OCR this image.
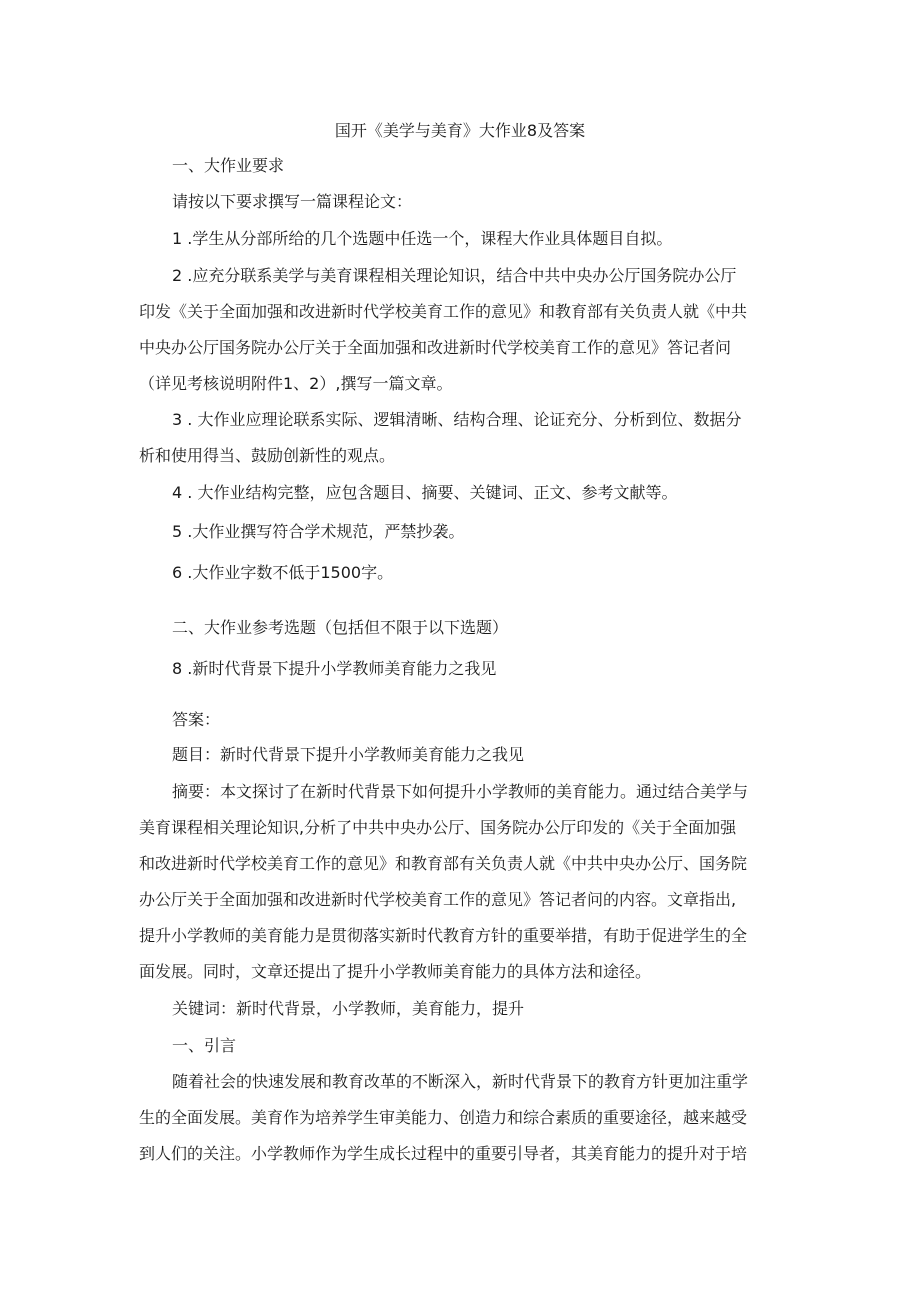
国开《美学与美育》大作业8及答案

一、大作业要求

请按以下要求撰写一篇课程论文：

1 .学生从分部所给的几个选题中任选一个，课程大作业具体题目自拟。

2 .应充分联系美学与美育课程相关理论知识，结合中共中央办公厅国务院办公厅

印发《关于全面加强和改进新时代学校美育工作的意见》和教育部有关负责人就《中共

中央办公厅国务院办公厅关于全面加强和改进新时代学校美育工作的意见》答记者问

（详见考核说明附件1、2）,撰写一篇文章。

3 . 大作业应理论联系实际、逻辑清晰、结构合理、论证充分、分析到位、数据分

析和使用得当、鼓励创新性的观点。

4 . 大作业结构完整，应包含题目、摘要、关键词、正文、参考文献等。

5 .大作业撰写符合学术规范，严禁抄袭。

6 .大作业字数不低于1500字。

二、大作业参考选题（包括但不限于以下选题）

8 .新时代背景下提升小学教师美育能力之我见

答案：

题目：新时代背景下提升小学教师美育能力之我见

摘要：本文探讨了在新时代背景下如何提升小学教师的美育能力。通过结合美学与

美育课程相关理论知识,分析了中共中央办公厅、国务院办公厅印发的《关于全面加强

和改进新时代学校美育工作的意见》和教育部有关负责人就《中共中央办公厅、国务院

办公厅关于全面加强和改进新时代学校美育工作的意见》答记者问的内容。文章指出,

提升小学教师的美育能力是贯彻落实新时代教育方针的重要举措，有助于促进学生的全

面发展。同时，文章还提出了提升小学教师美育能力的具体方法和途径。

关键词：新时代背景，小学教师，美育能力，提升

一、引言

随着社会的快速发展和教育改革的不断深入，新时代背景下的教育方针更加注重学

生的全面发展。美育作为培养学生审美能力、创造力和综合素质的重要途径，越来越受

到人们的关注。小学教师作为学生成长过程中的重要引导者，其美育能力的提升对于培
